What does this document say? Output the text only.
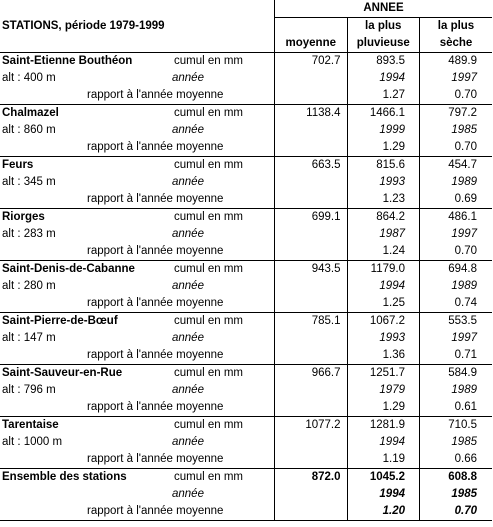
	ANNEE		
STATIONS, période 1979-1999		la plus	la plus
	moyenne	pluvieuse	sèche

Saint-Etienne Bouthéon cumul en mm	702.7	893.5	489.9

alt : 400 m année		1994	1997

rapport à l'année moyenne		1.27	0.70

Chalmazel cumul en mm	1138.4	1466.1	797.2

alt : 860 m année		1999	1985

rapport à l'année moyenne		1.29	0.70

Feurs cumul en mm	663.5	815.6	454.7

alt : 345 m année		1993	1989

rapport à l'année moyenne		1.23	0.69

Riorges cumul en mm	699.1	864.2	486.1

alt : 283 m année		1987	1997

rapport à l'année moyenne		1.24	0.70

Saint-Denis-de-Cabanne cumul en mm	943.5	1179.0	694.8

alt : 280 m année		1994	1989

rapport à l'année moyenne		1.25	0.74

Saint-Pierre-de-Bœuf cumul en mm	785.1	1067.2	553.5

alt : 147 m année		1993	1997

rapport à l'année moyenne		1.36	0.71

Saint-Sauveur-en-Rue cumul en mm	966.7	1251.7	584.9

alt : 796 m année		1979	1989

rapport à l'année moyenne		1.29	0.61

Tarentaise cumul en mm	1077.2	1281.9	710.5

alt : 1000 m année		1994	1985

rapport à l'année moyenne		1.19	0.66

Ensemble des stations cumul en mm	872.0	1045.2	608.8

année		1994	1985

rapport à l'année moyenne		1.20	0.70
